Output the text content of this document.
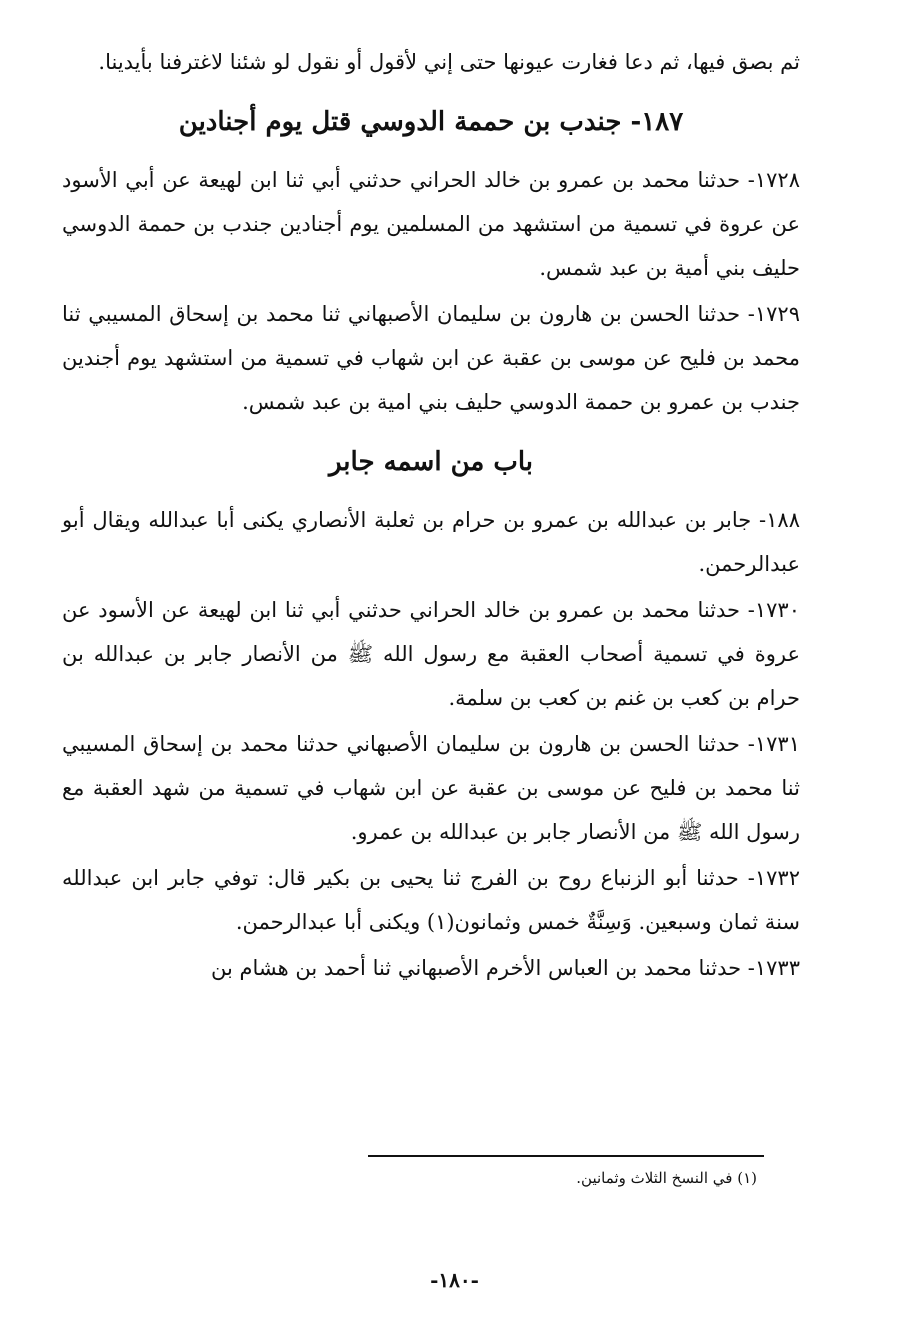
ثم بصق فيها، ثم دعا فغارت عيونها حتى إني لأقول أو نقول لو شئنا لاغترفنا بأيدينا.

١٨٧- جندب بن حممة الدوسي قتل يوم أجنادين

١٧٢٨- حدثنا محمد بن عمرو بن خالد الحراني حدثني أبي ثنا ابن لهيعة عن أبي الأسود عن عروة في تسمية من استشهد من المسلمين يوم أجنادين جندب بن حممة الدوسي حليف بني أمية بن عبد شمس.

١٧٢٩- حدثنا الحسن بن هارون بن سليمان الأصبهاني ثنا محمد بن إسحاق المسيبي ثنا محمد بن فليح عن موسى بن عقبة عن ابن شهاب في تسمية من استشهد يوم أجندين جندب بن عمرو بن حممة الدوسي حليف بني امية بن عبد شمس.

باب من اسمه جابر

١٨٨- جابر بن عبدالله بن عمرو بن حرام بن ثعلبة الأنصاري يكنى أبا عبدالله ويقال أبو عبدالرحمن.

١٧٣٠- حدثنا محمد بن عمرو بن خالد الحراني حدثني أبي ثنا ابن لهيعة عن الأسود عن عروة في تسمية أصحاب العقبة مع رسول الله ﷺ من الأنصار جابر بن عبدالله بن حرام بن كعب بن غنم بن كعب بن سلمة.

١٧٣١- حدثنا الحسن بن هارون بن سليمان الأصبهاني حدثنا محمد بن إسحاق المسيبي ثنا محمد بن فليح عن موسى بن عقبة عن ابن شهاب في تسمية من شهد العقبة مع رسول الله ﷺ من الأنصار جابر بن عبدالله بن عمرو.

١٧٣٢- حدثنا أبو الزنباع روح بن الفرج ثنا يحيى بن بكير قال: توفي جابر ابن عبدالله سنة ثمان وسبعين. وَسِنَّةٌ خمس وثمانون(١) ويكنى أبا عبدالرحمن.

١٧٣٣- حدثنا محمد بن العباس الأخرم الأصبهاني ثنا أحمد بن هشام بن

(١) في النسخ الثلاث وثمانين.
-١٨٠-
